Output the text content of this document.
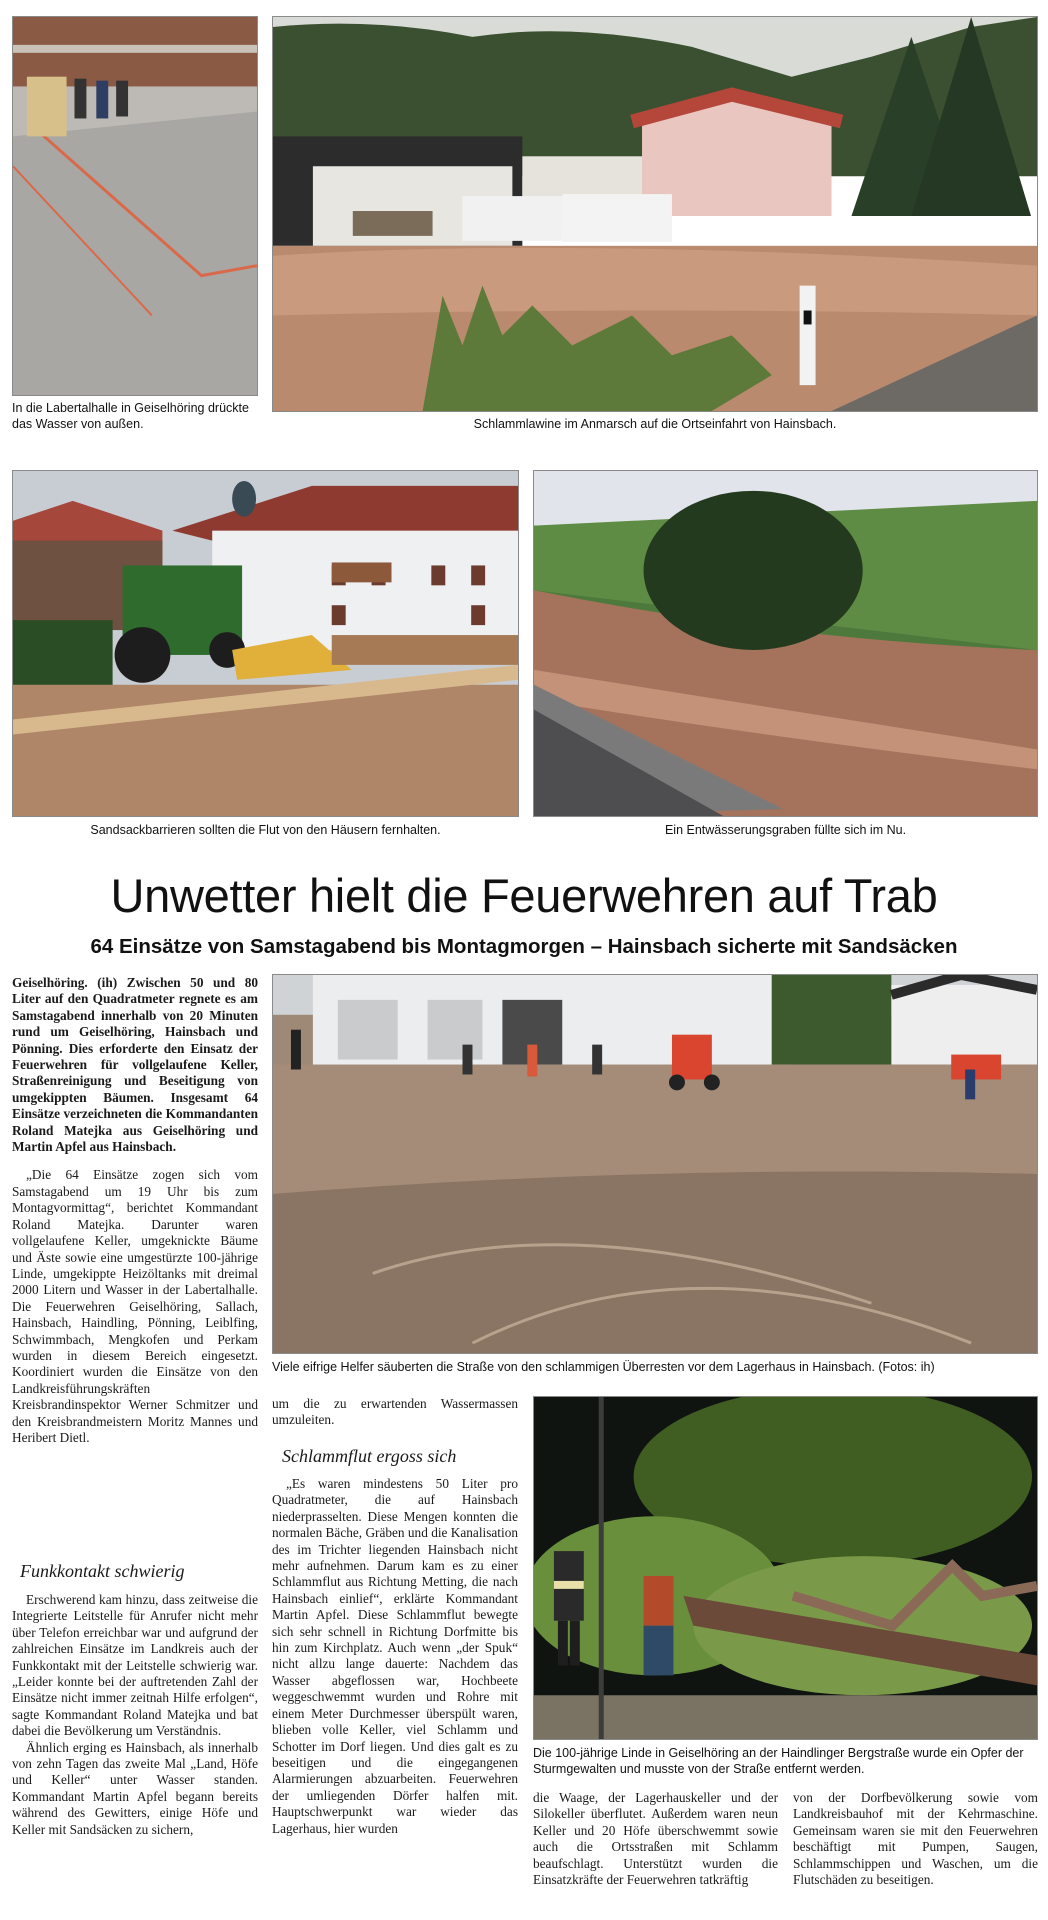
In die Labertalhalle in Geiselhöring drückte das Wasser von außen.	Schlammlawine im Anmarsch auf die Ortseinfahrt von Hainsbach.
Sandsackbarrieren sollten die Flut von den Häusern fernhalten.	Ein Entwässerungsgraben füllte sich im Nu.
Unwetter hielt die Feuerwehren auf Trab
64 Einsätze von Samstagabend bis Montagmorgen – Hainsbach sicherte mit Sandsäcken
Viele eifrige Helfer säuberten die Straße von den schlammigen Überresten vor dem Lagerhaus in Hainsbach. (Fotos: ih)
Die 100-jährige Linde in Geiselhöring an der Haindlinger Bergstraße wurde ein Opfer der Sturmgewalten und musste von der Straße entfernt werden.

Geiselhöring. (ih) Zwischen 50 und 80 Liter auf den Quadratmeter regnete es am Samstagabend innerhalb von 20 Minuten rund um Geiselhöring, Hainsbach und Pönning. Dies erforderte den Einsatz der Feuerwehren für vollgelaufene Keller, Straßenreinigung und Beseitigung von umgekippten Bäumen. Insgesamt 64 Einsätze verzeichneten die Kommandanten Roland Matejka aus Geiselhöring und Martin Apfel aus Hainsbach.

„Die 64 Einsätze zogen sich vom Samstagabend um 19 Uhr bis zum Montagvormittag“, berichtet Kommandant Roland Matejka. Darunter waren vollgelaufene Keller, umgeknickte Bäume und Äste sowie eine umgestürzte 100-jährige Linde, umgekippte Heizöltanks mit dreimal 2000 Litern und Wasser in der Labertalhalle. Die Feuerwehren Geiselhöring, Sallach, Hainsbach, Haindling, Pönning, Leiblfing, Schwimmbach, Mengkofen und Perkam wurden in diesem Bereich eingesetzt. Koordiniert wurden die Einsätze von den Landkreisführungskräften Kreisbrandinspektor Werner Schmitzer und den Kreisbrandmeistern Moritz Mannes und Heribert Dietl.

Funkkontakt schwierig

Erschwerend kam hinzu, dass zeitweise die Integrierte Leitstelle für Anrufer nicht mehr über Telefon erreichbar war und aufgrund der zahlreichen Einsätze im Landkreis auch der Funkkontakt mit der Leitstelle schwierig war. „Leider konnte bei der auftretenden Zahl der Einsätze nicht immer zeitnah Hilfe erfolgen“, sagte Kommandant Roland Matejka und bat dabei die Bevölkerung um Verständnis.

Ähnlich erging es Hainsbach, als innerhalb von zehn Tagen das zweite Mal „Land, Höfe und Keller“ unter Wasser standen. Kommandant Martin Apfel begann bereits während des Gewitters, einige Höfe und Keller mit Sandsäcken zu sichern,

um die zu erwartenden Wassermassen umzuleiten.

Schlammflut ergoss sich

„Es waren mindestens 50 Liter pro Quadratmeter, die auf Hainsbach niederprasselten. Diese Mengen konnten die normalen Bäche, Gräben und die Kanalisation des im Trichter liegenden Hainsbach nicht mehr aufnehmen. Darum kam es zu einer Schlammflut aus Richtung Metting, die nach Hainsbach einlief“, erklärte Kommandant Martin Apfel. Diese Schlammflut bewegte sich sehr schnell in Richtung Dorfmitte bis hin zum Kirchplatz. Auch wenn „der Spuk“ nicht allzu lange dauerte: Nachdem das Wasser abgeflossen war, Hochbeete weggeschwemmt wurden und Rohre mit einem Meter Durchmesser überspült waren, blieben volle Keller, viel Schlamm und Schotter im Dorf liegen. Und dies galt es zu beseitigen und die eingegangenen Alarmierungen abzuarbeiten. Feuerwehren der umliegenden Dörfer halfen mit. Hauptschwerpunkt war wieder das Lagerhaus, hier wurden

die Waage, der Lagerhauskeller und der Silokeller überflutet. Außerdem waren neun Keller und 20 Höfe überschwemmt sowie auch die Ortsstraßen mit Schlamm beaufschlagt. Unterstützt wurden die Einsatzkräfte der Feuerwehren tatkräftig

von der Dorfbevölkerung sowie vom Landkreisbauhof mit der Kehrmaschine. Gemeinsam waren sie mit den Feuerwehren beschäftigt mit Pumpen, Saugen, Schlammschippen und Waschen, um die Flutschäden zu beseitigen.
